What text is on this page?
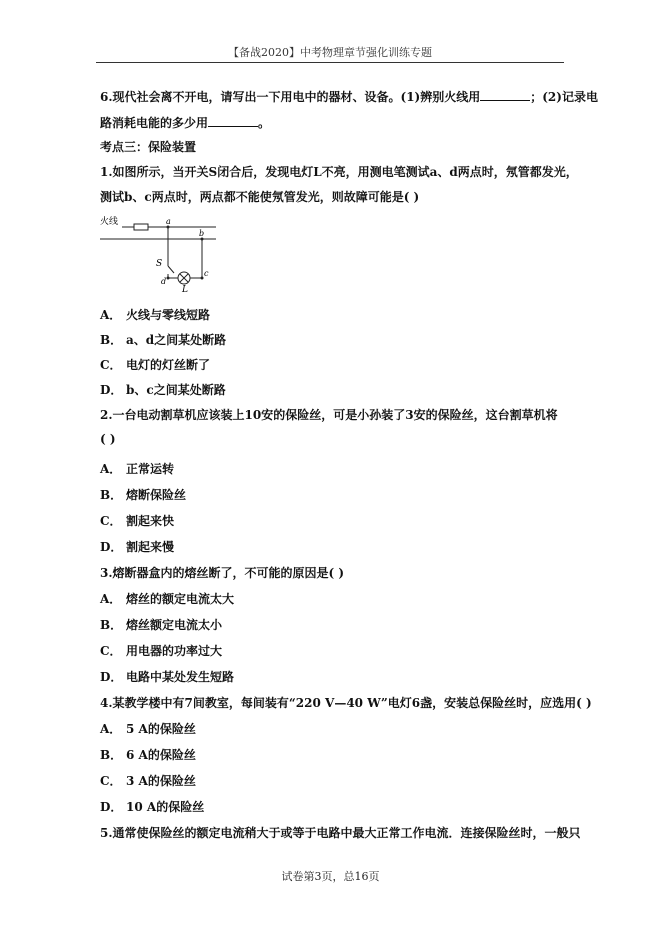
【备战2020】中考物理章节强化训练专题
6.现代社会离不开电，请写出一下用电中的器材、设备。(1)辨别火线用	；(2)记录电
路消耗电能的多少用	。
考点三：保险装置
1.如图所示，当开关S闭合后，发现电灯L不亮，用测电笔测试a、d两点时，氖管都发光，
测试b、c两点时，两点都不能使氖管发光，则故障可能是( )
火线	a
b
S
d
c
L
A． 火线与零线短路
B． a、d之间某处断路
C． 电灯的灯丝断了
D． b、c之间某处断路
2.一台电动割草机应该装上10安的保险丝，可是小孙装了3安的保险丝，这台割草机将
( )
A． 正常运转
B． 熔断保险丝
C． 割起来快
D． 割起来慢
3.熔断器盒内的熔丝断了，不可能的原因是( )
A． 熔丝的额定电流太大
B． 熔丝额定电流太小
C． 用电器的功率过大
D． 电路中某处发生短路
4.某教学楼中有7间教室，每间装有“220 V—40 W”电灯6盏，安装总保险丝时，应选用( )
A． 5 A的保险丝
B． 6 A的保险丝
C． 3 A的保险丝
D． 10 A的保险丝
5.通常使保险丝的额定电流稍大于或等于电路中最大正常工作电流．连接保险丝时，一般只
试卷第3页，总16页
